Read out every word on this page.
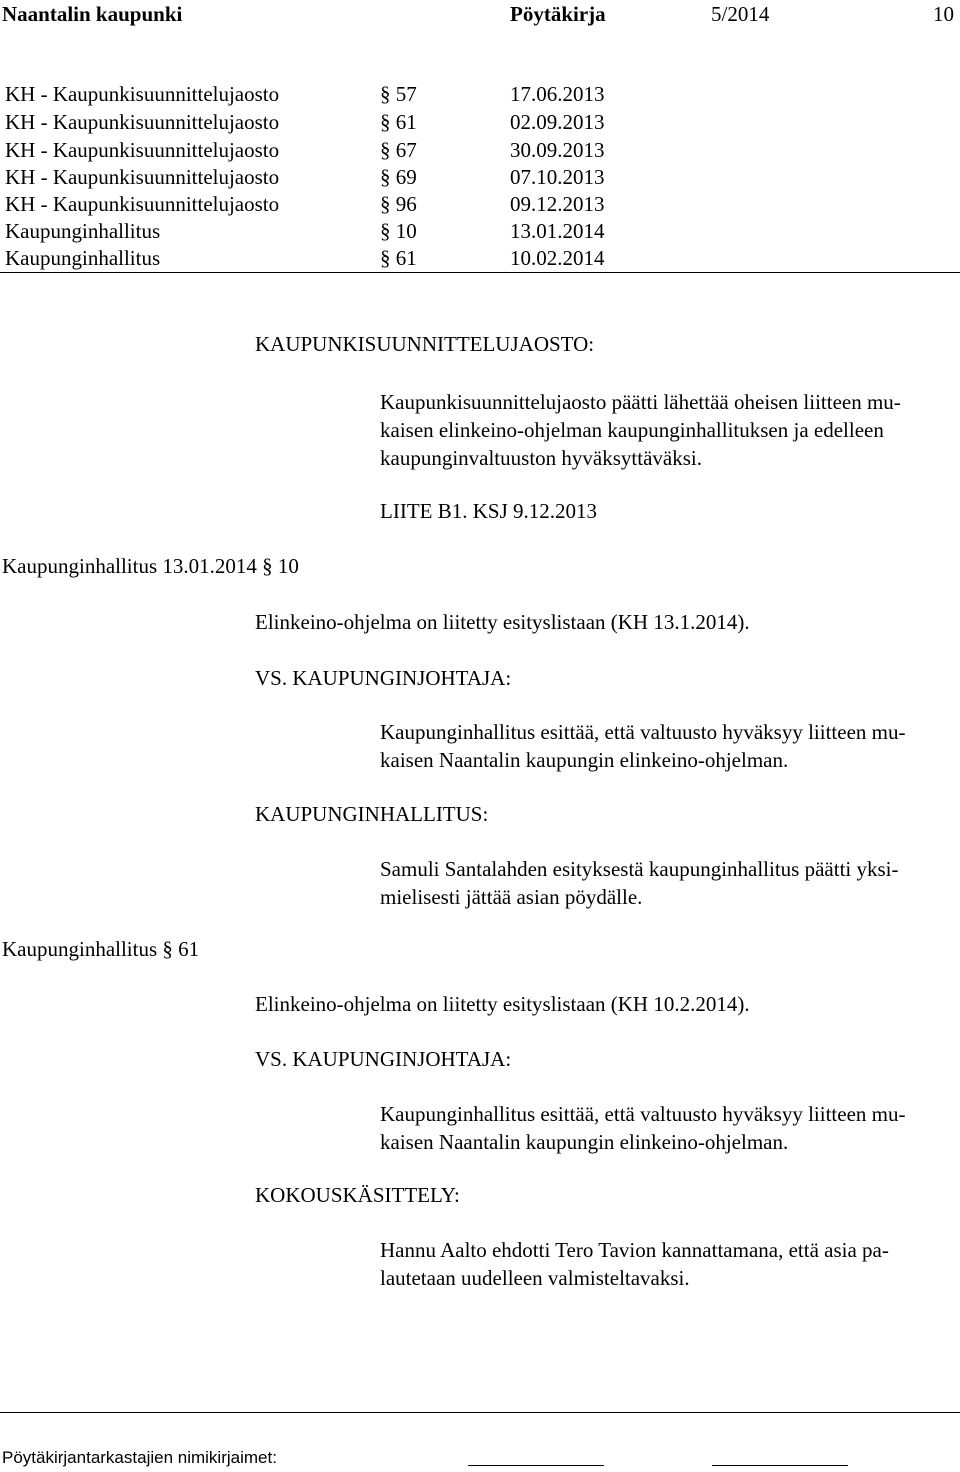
Naantalin kaupunki	Pöytäkirja	5/2014	10
KH - Kaupunkisuunnittelujaosto	§ 57	17.06.2013
KH - Kaupunkisuunnittelujaosto	§ 61	02.09.2013
KH - Kaupunkisuunnittelujaosto	§ 67	30.09.2013
KH - Kaupunkisuunnittelujaosto	§ 69	07.10.2013
KH - Kaupunkisuunnittelujaosto	§ 96	09.12.2013
Kaupunginhallitus	§ 10	13.01.2014
Kaupunginhallitus	§ 61	10.02.2014
KAUPUNKISUUNNITTELUJAOSTO:
Kaupunkisuunnittelujaosto päätti lähettää oheisen liitteen mu-
kaisen elinkeino-ohjelman kaupunginhallituksen ja edelleen
kaupunginvaltuuston hyväksyttäväksi.
LIITE B1. KSJ 9.12.2013
Kaupunginhallitus 13.01.2014 § 10
Elinkeino-ohjelma on liitetty esityslistaan (KH 13.1.2014).
VS. KAUPUNGINJOHTAJA:
Kaupunginhallitus esittää, että valtuusto hyväksyy liitteen mu-
kaisen Naantalin kaupungin elinkeino-ohjelman.
KAUPUNGINHALLITUS:
Samuli Santalahden esityksestä kaupunginhallitus päätti yksi-
mielisesti jättää asian pöydälle.
Kaupunginhallitus § 61
Elinkeino-ohjelma on liitetty esityslistaan (KH 10.2.2014).
VS. KAUPUNGINJOHTAJA:
Kaupunginhallitus esittää, että valtuusto hyväksyy liitteen mu-
kaisen Naantalin kaupungin elinkeino-ohjelman.
KOKOUSKÄSITTELY:
Hannu Aalto ehdotti Tero Tavion kannattamana, että asia pa-
lautetaan uudelleen valmisteltavaksi.
Pöytäkirjantarkastajien nimikirjaimet:
